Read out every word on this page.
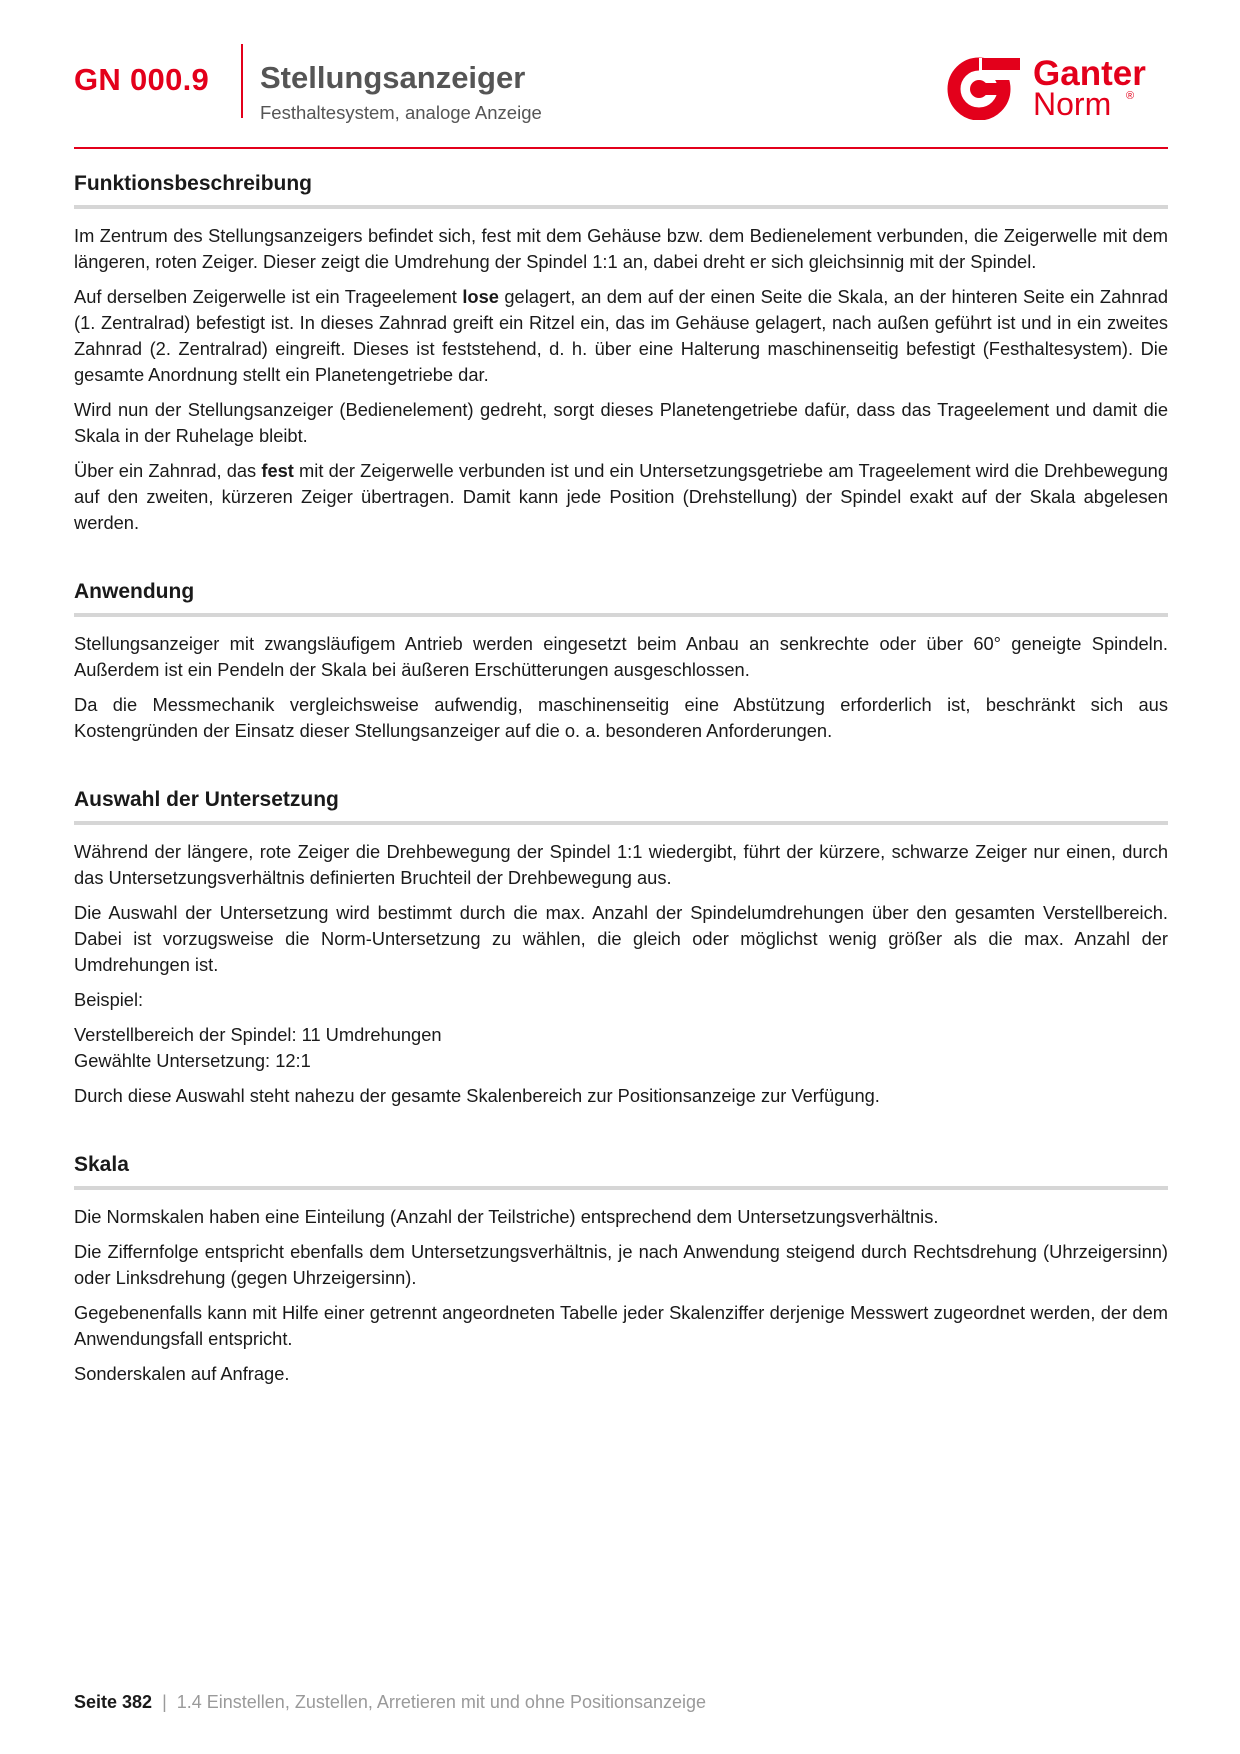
GN 000.9 Stellungsanzeiger
Festhaltesystem, analoge Anzeige
Ganter
Norm ®
Funktionsbeschreibung

Im Zentrum des Stellungsanzeigers befindet sich, fest mit dem Gehäuse bzw. dem Bedienelement verbunden, die Zeigerwelle mit dem längeren, roten Zeiger. Dieser zeigt die Umdrehung der Spindel 1:1 an, dabei dreht er sich gleichsinnig mit der Spindel.

Auf derselben Zeigerwelle ist ein Trageelement lose gelagert, an dem auf der einen Seite die Skala, an der hinteren Seite ein Zahnrad (1. Zentralrad) befestigt ist. In dieses Zahnrad greift ein Ritzel ein, das im Gehäuse gelagert, nach außen geführt ist und in ein zweites Zahnrad (2. Zentralrad) eingreift. Dieses ist feststehend, d. h. über eine Halterung maschinenseitig befestigt (Festhaltesystem). Die gesamte Anordnung stellt ein Planetengetriebe dar.

Wird nun der Stellungsanzeiger (Bedienelement) gedreht, sorgt dieses Planetengetriebe dafür, dass das Trageelement und damit die Skala in der Ruhelage bleibt.

Über ein Zahnrad, das fest mit der Zeigerwelle verbunden ist und ein Untersetzungsgetriebe am Trageelement wird die Drehbewegung auf den zweiten, kürzeren Zeiger übertragen. Damit kann jede Position (Drehstellung) der Spindel exakt auf der Skala abgelesen werden.

Anwendung

Stellungsanzeiger mit zwangsläufigem Antrieb werden eingesetzt beim Anbau an senkrechte oder über 60° geneigte Spindeln. Außerdem ist ein Pendeln der Skala bei äußeren Erschütterungen ausgeschlossen.

Da die Messmechanik vergleichsweise aufwendig, maschinenseitig eine Abstützung erforderlich ist, beschränkt sich aus Kostengründen der Einsatz dieser Stellungsanzeiger auf die o. a. besonderen Anforderungen.

Auswahl der Untersetzung

Während der längere, rote Zeiger die Drehbewegung der Spindel 1:1 wiedergibt, führt der kürzere, schwarze Zeiger nur einen, durch das Untersetzungsverhältnis definierten Bruchteil der Drehbewegung aus.

Die Auswahl der Untersetzung wird bestimmt durch die max. Anzahl der Spindelumdrehungen über den gesamten Verstellbereich. Dabei ist vorzugsweise die Norm-Untersetzung zu wählen, die gleich oder möglichst wenig größer als die max. Anzahl der Umdrehungen ist.

Beispiel:

Verstellbereich der Spindel: 11 Umdrehungen
Gewählte Untersetzung: 12:1

Durch diese Auswahl steht nahezu der gesamte Skalenbereich zur Positionsanzeige zur Verfügung.

Skala

Die Normskalen haben eine Einteilung (Anzahl der Teilstriche) entsprechend dem Untersetzungsverhältnis.

Die Ziffernfolge entspricht ebenfalls dem Untersetzungsverhältnis, je nach Anwendung steigend durch Rechtsdrehung (Uhrzeigersinn) oder Linksdrehung (gegen Uhrzeigersinn).

Gegebenenfalls kann mit Hilfe einer getrennt angeordneten Tabelle jeder Skalenziffer derjenige Messwert zugeordnet werden, der dem Anwendungsfall entspricht.

Sonderskalen auf Anfrage.

Seite 382 | 1.4 Einstellen, Zustellen, Arretieren mit und ohne Positionsanzeige
